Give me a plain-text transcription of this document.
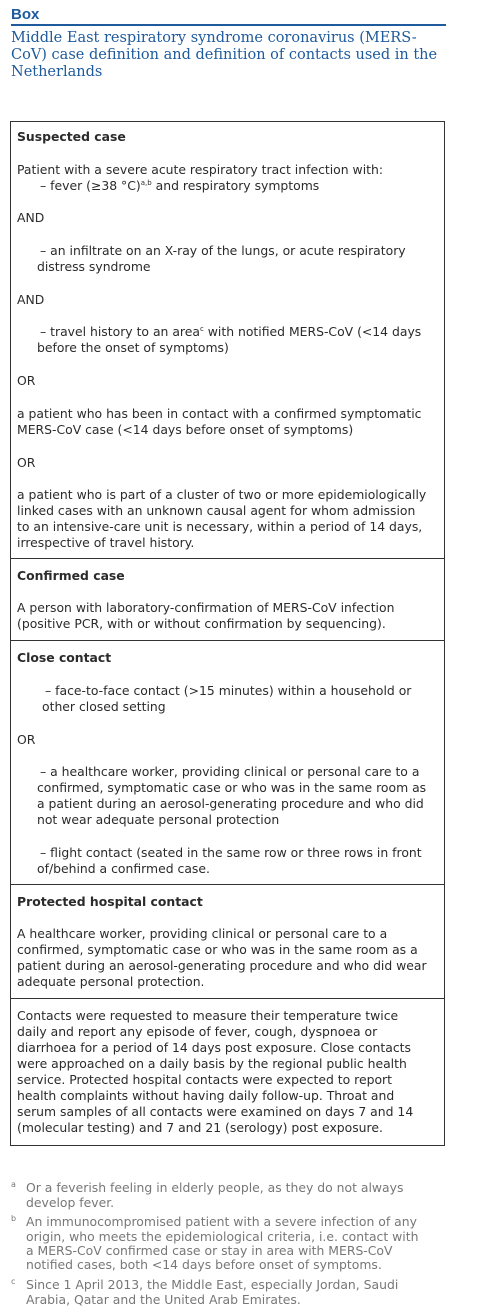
Box
Middle East respiratory syndrome coronavirus (MERS-
CoV) case definition and definition of contacts used in the
Netherlands
Suspected case
Patient with a severe acute respiratory tract infection with:
– fever (≥38 °C)$^{a,b}$ and respiratory symptoms
AND
– an infiltrate on an X-ray of the lungs, or acute respiratory
distress syndrome
AND
– travel history to an area$^c$ with notified MERS-CoV (<14 days
before the onset of symptoms)
OR
a patient who has been in contact with a confirmed symptomatic
MERS-CoV case (<14 days before onset of symptoms)
OR
a patient who is part of a cluster of two or more epidemiologically
linked cases with an unknown causal agent for whom admission
to an intensive-care unit is necessary, within a period of 14 days,
irrespective of travel history.
Confirmed case
A person with laboratory-confirmation of MERS-CoV infection
(positive PCR, with or without confirmation by sequencing).
Close contact
– face-to-face contact (>15 minutes) within a household or
other closed setting
OR
– a healthcare worker, providing clinical or personal care to a
confirmed, symptomatic case or who was in the same room as
a patient during an aerosol-generating procedure and who did
not wear adequate personal protection
– flight contact (seated in the same row or three rows in front
of/behind a confirmed case.
Protected hospital contact
A healthcare worker, providing clinical or personal care to a
confirmed, symptomatic case or who was in the same room as a
patient during an aerosol-generating procedure and who did wear
adequate personal protection.
Contacts were requested to measure their temperature twice
daily and report any episode of fever, cough, dyspnoea or
diarrhoea for a period of 14 days post exposure. Close contacts
were approached on a daily basis by the regional public health
service. Protected hospital contacts were expected to report
health complaints without having daily follow-up. Throat and
serum samples of all contacts were examined on days 7 and 14
(molecular testing) and 7 and 21 (serology) post exposure.
a Or a feverish feeling in elderly people, as they do not always
develop fever.
b An immunocompromised patient with a severe infection of any
origin, who meets the epidemiological criteria, i.e. contact with
a MERS-CoV confirmed case or stay in area with MERS-CoV
notified cases, both <14 days before onset of symptoms.
c Since 1 April 2013, the Middle East, especially Jordan, Saudi
Arabia, Qatar and the United Arab Emirates.
